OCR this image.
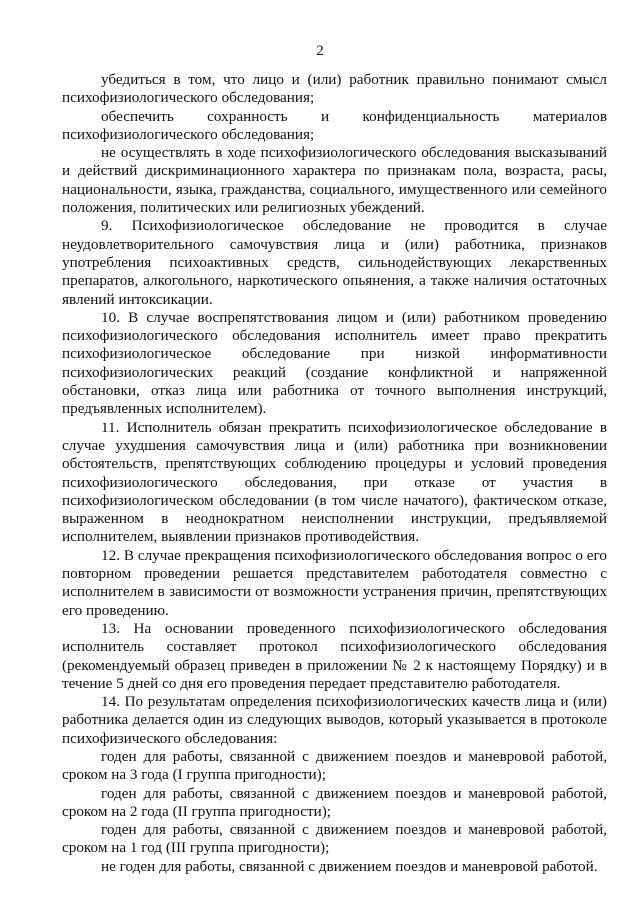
2

убедиться в том, что лицо и (или) работник правильно понимают смысл психофизиологического обследования;

обеспечить сохранность и конфиденциальность материалов психофизиологического обследования;

не осуществлять в ходе психофизиологического обследования высказываний и действий дискриминационного характера по признакам пола, возраста, расы, национальности, языка, гражданства, социального, имущественного или семейного положения, политических или религиозных убеждений.

9. Психофизиологическое обследование не проводится в случае неудовлетворительного самочувствия лица и (или) работника, признаков употребления психоактивных средств, сильнодействующих лекарственных препаратов, алкогольного, наркотического опьянения, а также наличия остаточных явлений интоксикации.

10. В случае воспрепятствования лицом и (или) работником проведению психофизиологического обследования исполнитель имеет право прекратить психофизиологическое обследование при низкой информативности психофизиологических реакций (создание конфликтной и напряженной обстановки, отказ лица или работника от точного выполнения инструкций, предъявленных исполнителем).

11. Исполнитель обязан прекратить психофизиологическое обследование в случае ухудшения самочувствия лица и (или) работника при возникновении обстоятельств, препятствующих соблюдению процедуры и условий проведения психофизиологического обследования, при отказе от участия в психофизиологическом обследовании (в том числе начатого), фактическом отказе, выраженном в неоднократном неисполнении инструкции, предъявляемой исполнителем, выявлении признаков противодействия.

12. В случае прекращения психофизиологического обследования вопрос о его повторном проведении решается представителем работодателя совместно с исполнителем в зависимости от возможности устранения причин, препятствующих его проведению.

13. На основании проведенного психофизиологического обследования исполнитель составляет протокол психофизиологического обследования (рекомендуемый образец приведен в приложении № 2 к настоящему Порядку) и в течение 5 дней со дня его проведения передает представителю работодателя.

14. По результатам определения психофизиологических качеств лица и (или) работника делается один из следующих выводов, который указывается в протоколе психофизического обследования:

годен для работы, связанной с движением поездов и маневровой работой, сроком на 3 года (I группа пригодности);

годен для работы, связанной с движением поездов и маневровой работой, сроком на 2 года (II группа пригодности);

годен для работы, связанной с движением поездов и маневровой работой, сроком на 1 год (III группа пригодности);

не годен для работы, связанной с движением поездов и маневровой работой.
